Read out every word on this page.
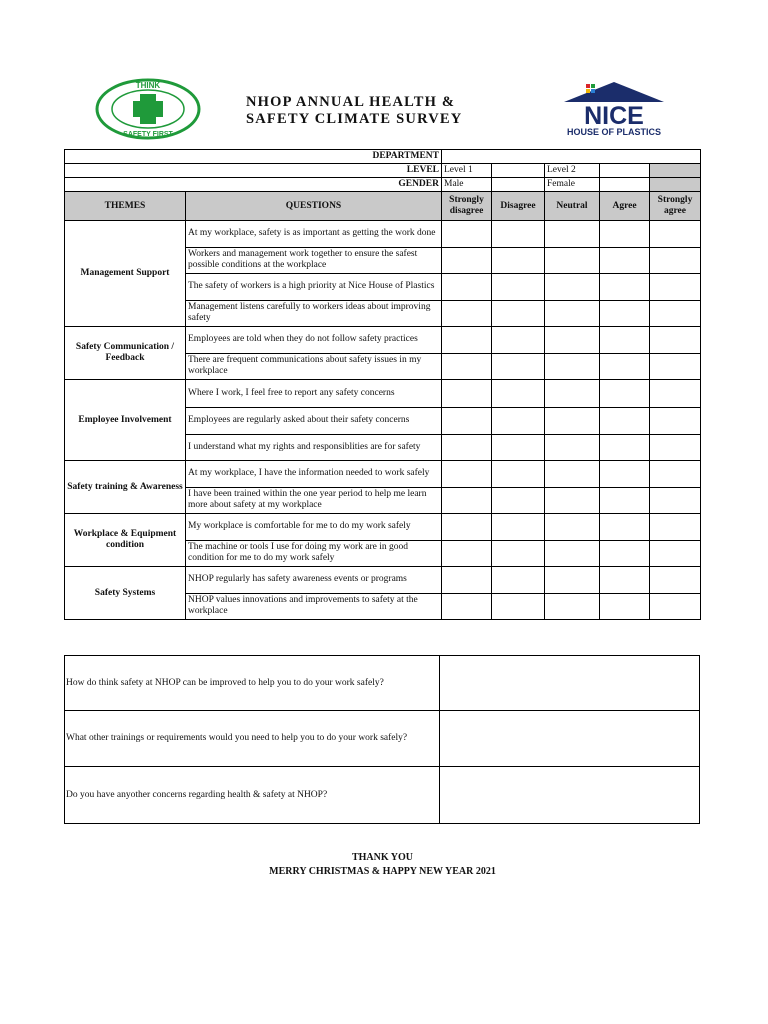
THINK
SAFETY FIRST
NHOP ANNUAL HEALTH &
SAFETY CLIMATE SURVEY	NICE
HOUSE OF PLASTICS
DEPARTMENT						
LEVEL		Level 1		Level 2		
GENDER		Male		Female		
THEMES	QUESTIONS	Strongly disagree	Disagree	Neutral	Agree	Strongly agree
Management Support	At my workplace, safety is as important as getting the work done					
	Workers and management work together to ensure the safest possible conditions at the workplace					
	The safety of workers is a high priority at Nice House of Plastics					
	Management listens carefully to workers ideas about improving safety					
Safety Communication / Feedback	Employees are told when they do not follow safety practices					
	There are frequent communications about safety issues in my workplace					
Employee Involvement	Where I work, I feel free to report any safety concerns					
	Employees are regularly asked about their safety concerns					
	I understand what my rights and responsiblities are for safety					
Safety training & Awareness	At my workplace, I have the information needed to work safely					
	I have been trained within the one year period to help me learn more about safety at my workplace					
Workplace & Equipment condition	My workplace is comfortable for me to do my work safely					
	The machine or tools I use for doing my work are in good condition for me to do my work safely					
Safety Systems	NHOP regularly has safety awareness events or programs					
	NHOP values innovations and improvements to safety at the workplace					
How do think safety at NHOP can be improved to help you to do your work safely?	
What other trainings or requirements would you need to help you to do your work safely?	
Do you have anyother concerns regarding health & safety at NHOP?	
THANK YOU
MERRY CHRISTMAS & HAPPY NEW YEAR 2021
